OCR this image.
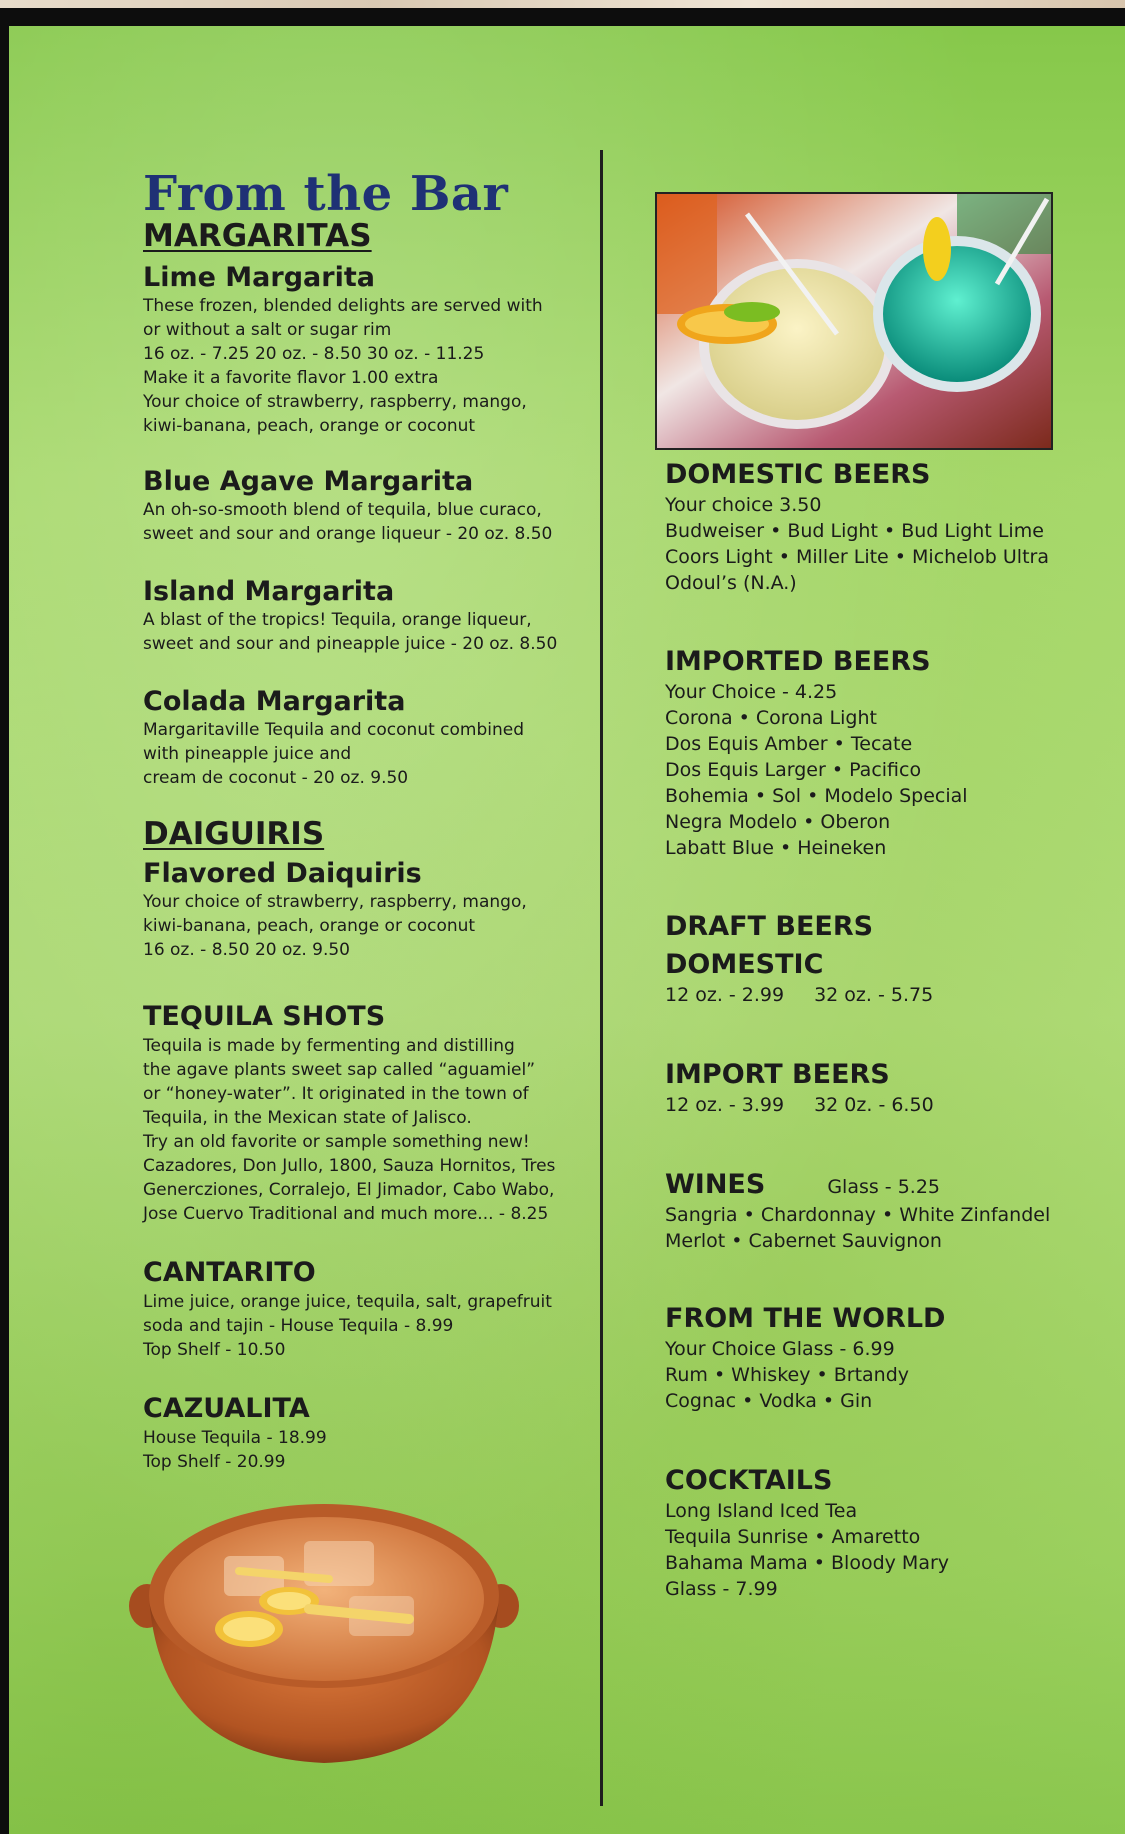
From the Bar
MARGARITAS
Lime Margarita

These frozen, blended delights are served with

or without a salt or sugar rim

16 oz. - 7.25 20 oz. - 8.50 30 oz. - 11.25

Make it a favorite flavor 1.00 extra

Your choice of strawberry, raspberry, mango,

kiwi-banana, peach, orange or coconut

Blue Agave Margarita

An oh-so-smooth blend of tequila, blue curaco,

sweet and sour and orange liqueur - 20 oz. 8.50

Island Margarita

A blast of the tropics! Tequila, orange liqueur,

sweet and sour and pineapple juice - 20 oz. 8.50

Colada Margarita

Margaritaville Tequila and coconut combined

with pineapple juice and

cream de coconut - 20 oz. 9.50

DAIGUIRIS
Flavored Daiquiris

Your choice of strawberry, raspberry, mango,

kiwi-banana, peach, orange or coconut

16 oz. - 8.50 20 oz. 9.50

TEQUILA SHOTS

Tequila is made by fermenting and distilling

the agave plants sweet sap called “aguamiel”

or “honey-water”. It originated in the town of

Tequila, in the Mexican state of Jalisco.

Try an old favorite or sample something new!

Cazadores, Don Jullo, 1800, Sauza Hornitos, Tres

Genercziones, Corralejo, El Jimador, Cabo Wabo,

Jose Cuervo Traditional and much more... - 8.25

CANTARITO

Lime juice, orange juice, tequila, salt, grapefruit

soda and tajin - House Tequila - 8.99

Top Shelf - 10.50

CAZUALITA

House Tequila - 18.99

Top Shelf - 20.99

DOMESTIC BEERS

Your choice 3.50

Budweiser • Bud Light • Bud Light Lime

Coors Light • Miller Lite • Michelob Ultra

Odoul’s (N.A.)

IMPORTED BEERS

Your Choice - 4.25

Corona • Corona Light

Dos Equis Amber • Tecate

Dos Equis Larger • Pacifico

Bohemia • Sol • Modelo Special

Negra Modelo • Oberon

Labatt Blue • Heineken

DRAFT BEERS
DOMESTIC
12 oz. - 2.99 32 oz. - 5.75
IMPORT BEERS
12 oz. - 3.99 32 0z. - 6.50
WINES	Glass - 5.25

Sangria • Chardonnay • White Zinfandel

Merlot • Cabernet Sauvignon

FROM THE WORLD

Your Choice Glass - 6.99

Rum • Whiskey • Brtandy

Cognac • Vodka • Gin

COCKTAILS

Long Island Iced Tea

Tequila Sunrise • Amaretto

Bahama Mama • Bloody Mary

Glass - 7.99
